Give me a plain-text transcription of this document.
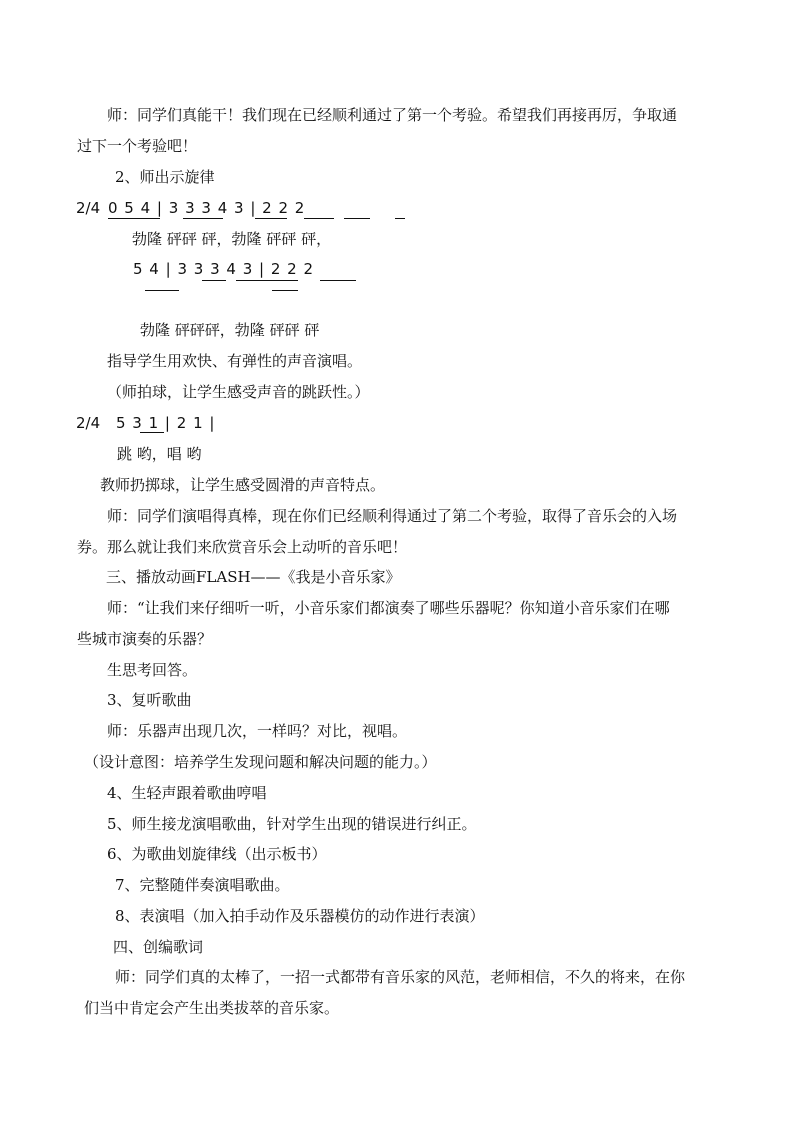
师：同学们真能干！我们现在已经顺利通过了第一个考验。希望我们再接再厉，争取通

过下一个考验吧！

2、师出示旋律

2/4 0 5 4 | 3 3 3 4 3 | 2 2 2
勃隆 砰砰 砰，勃隆 砰砰 砰，
5 4 | 3 3 3 4 3 | 2 2 2
勃隆 砰砰砰，勃隆 砰砰 砰

指导学生用欢快、有弹性的声音演唱。

（师拍球，让学生感受声音的跳跃性。）

2/4 5 3 1 | 2 1 |
跳 哟，唱 哟

教师扔掷球，让学生感受圆滑的声音特点。

师：同学们演唱得真棒，现在你们已经顺利得通过了第二个考验，取得了音乐会的入场

券。那么就让我们来欣赏音乐会上动听的音乐吧！

三、播放动画FLASH——《我是小音乐家》

师：“让我们来仔细听一听，小音乐家们都演奏了哪些乐器呢？你知道小音乐家们在哪

些城市演奏的乐器？

生思考回答。

3、复听歌曲

师：乐器声出现几次，一样吗？对比，视唱。

（设计意图：培养学生发现问题和解决问题的能力。）

4、生轻声跟着歌曲哼唱

5、师生接龙演唱歌曲，针对学生出现的错误进行纠正。

6、为歌曲划旋律线（出示板书）

7、完整随伴奏演唱歌曲。

8、表演唱（加入拍手动作及乐器模仿的动作进行表演）

四、创编歌词

师：同学们真的太棒了，一招一式都带有音乐家的风范，老师相信，不久的将来，在你

们当中肯定会产生出类拔萃的音乐家。
